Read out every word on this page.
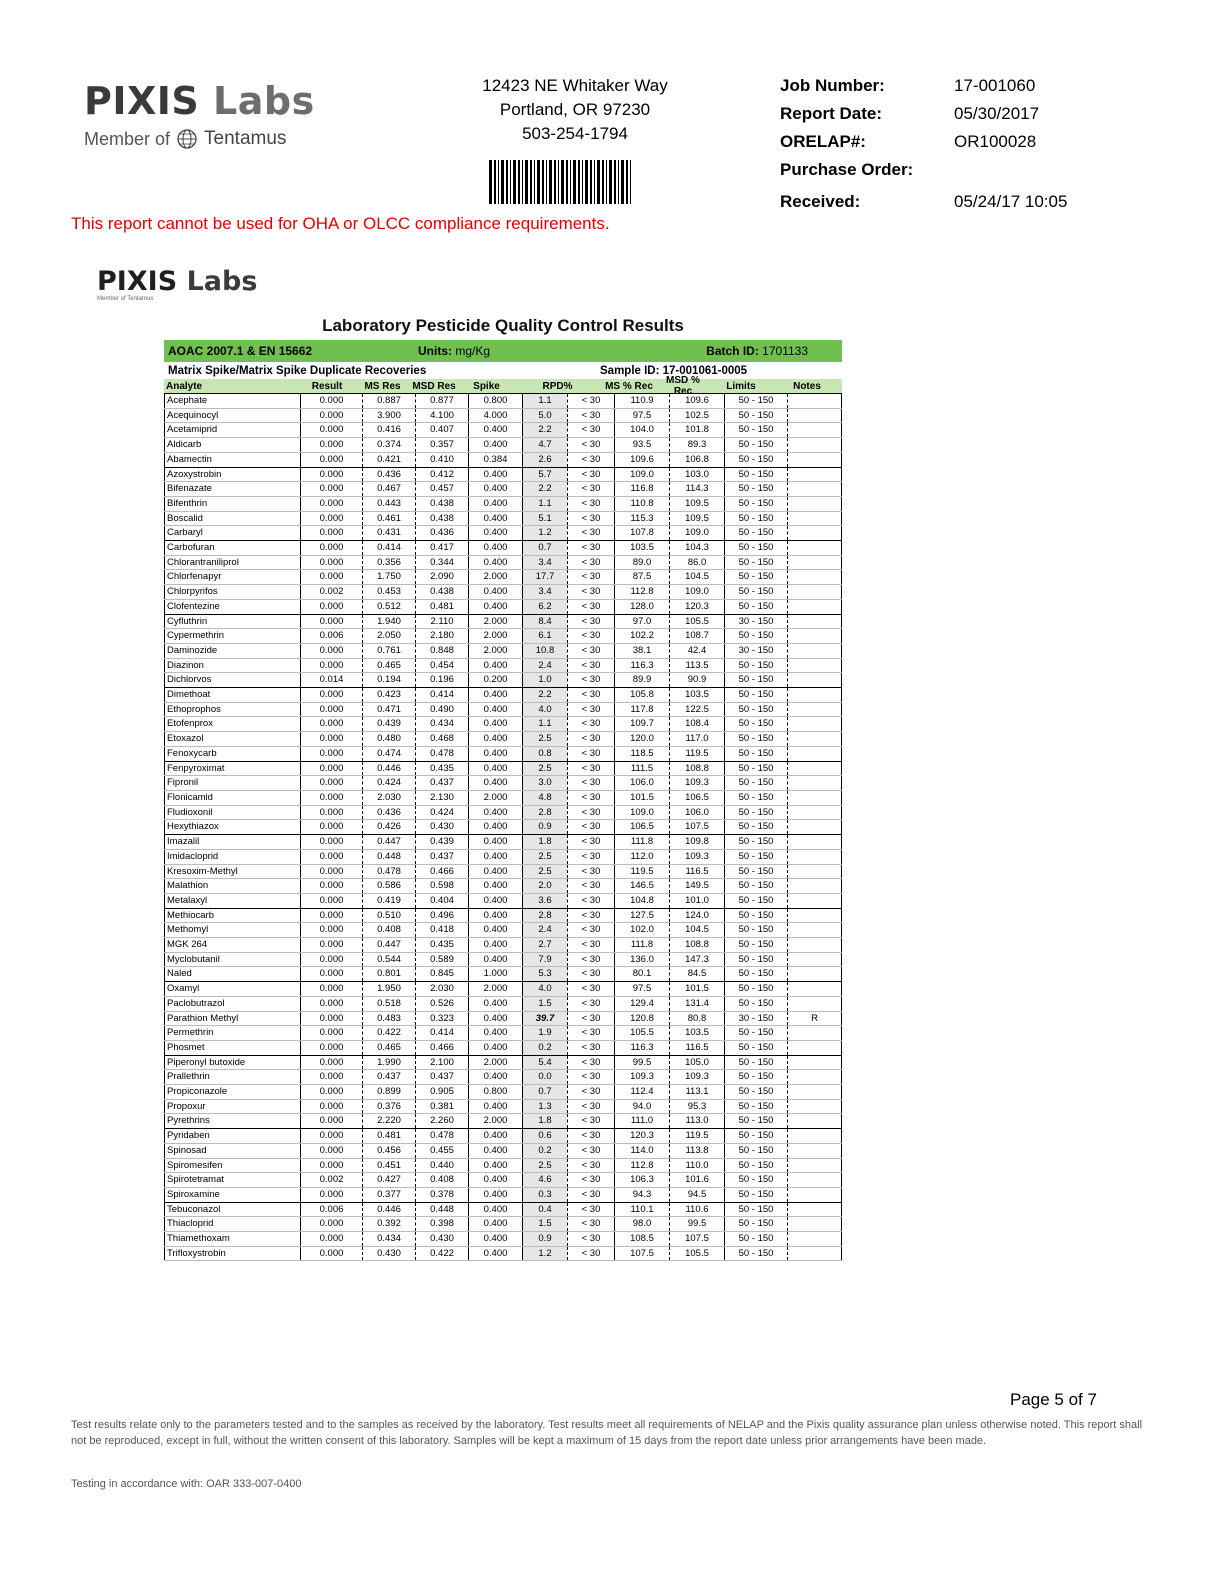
PIXIS Labs
Member of Tentamus
12423 NE Whitaker Way
Portland, OR 97230
503-254-1794
Job Number:	17-001060
Report Date:	05/30/2017
ORELAP#:	OR100028
Purchase Order:
Received:	05/24/17 10:05
This report cannot be used for OHA or OLCC compliance requirements.
PIXIS Labs
Member of Tentamus
Laboratory Pesticide Quality Control Results
AOAC 2007.1 & EN 15662	Units: mg/Kg	Batch ID: 1701133
Matrix Spike/Matrix Spike Duplicate Recoveries	Sample ID: 17-001061-0005
Analyte	Result	MS Res	MSD Res	Spike	RPD%	MS % Rec	MSD % Rec	Limits	Notes
Acephate	0.000	0.887	0.877	0.800	1.1	< 30	110.9	109.6	50 - 150	
Acequinocyl	0.000	3.900	4.100	4.000	5.0	< 30	97.5	102.5	50 - 150	
Acetamiprid	0.000	0.416	0.407	0.400	2.2	< 30	104.0	101.8	50 - 150	
Aldicarb	0.000	0.374	0.357	0.400	4.7	< 30	93.5	89.3	50 - 150	
Abamectin	0.000	0.421	0.410	0.384	2.6	< 30	109.6	106.8	50 - 150	
Azoxystrobin	0.000	0.436	0.412	0.400	5.7	< 30	109.0	103.0	50 - 150	
Bifenazate	0.000	0.467	0.457	0.400	2.2	< 30	116.8	114.3	50 - 150	
Bifenthrin	0.000	0.443	0.438	0.400	1.1	< 30	110.8	109.5	50 - 150	
Boscalid	0.000	0.461	0.438	0.400	5.1	< 30	115.3	109.5	50 - 150	
Carbaryl	0.000	0.431	0.436	0.400	1.2	< 30	107.8	109.0	50 - 150	
Carbofuran	0.000	0.414	0.417	0.400	0.7	< 30	103.5	104.3	50 - 150	
Chlorantraniliprol	0.000	0.356	0.344	0.400	3.4	< 30	89.0	86.0	50 - 150	
Chlorfenapyr	0.000	1.750	2.090	2.000	17.7	< 30	87.5	104.5	50 - 150	
Chlorpyrifos	0.002	0.453	0.438	0.400	3.4	< 30	112.8	109.0	50 - 150	
Clofentezine	0.000	0.512	0.481	0.400	6.2	< 30	128.0	120.3	50 - 150	
Cyfluthrin	0.000	1.940	2.110	2.000	8.4	< 30	97.0	105.5	30 - 150	
Cypermethrin	0.006	2.050	2.180	2.000	6.1	< 30	102.2	108.7	50 - 150	
Daminozide	0.000	0.761	0.848	2.000	10.8	< 30	38.1	42.4	30 - 150	
Diazinon	0.000	0.465	0.454	0.400	2.4	< 30	116.3	113.5	50 - 150	
Dichlorvos	0.014	0.194	0.196	0.200	1.0	< 30	89.9	90.9	50 - 150	
Dimethoat	0.000	0.423	0.414	0.400	2.2	< 30	105.8	103.5	50 - 150	
Ethoprophos	0.000	0.471	0.490	0.400	4.0	< 30	117.8	122.5	50 - 150	
Etofenprox	0.000	0.439	0.434	0.400	1.1	< 30	109.7	108.4	50 - 150	
Etoxazol	0.000	0.480	0.468	0.400	2.5	< 30	120.0	117.0	50 - 150	
Fenoxycarb	0.000	0.474	0.478	0.400	0.8	< 30	118.5	119.5	50 - 150	
Fenpyroximat	0.000	0.446	0.435	0.400	2.5	< 30	111.5	108.8	50 - 150	
Fipronil	0.000	0.424	0.437	0.400	3.0	< 30	106.0	109.3	50 - 150	
Flonicamid	0.000	2.030	2.130	2.000	4.8	< 30	101.5	106.5	50 - 150	
Fludioxonil	0.000	0.436	0.424	0.400	2.8	< 30	109.0	106.0	50 - 150	
Hexythiazox	0.000	0.426	0.430	0.400	0.9	< 30	106.5	107.5	50 - 150	
Imazalil	0.000	0.447	0.439	0.400	1.8	< 30	111.8	109.8	50 - 150	
Imidacloprid	0.000	0.448	0.437	0.400	2.5	< 30	112.0	109.3	50 - 150	
Kresoxim-Methyl	0.000	0.478	0.466	0.400	2.5	< 30	119.5	116.5	50 - 150	
Malathion	0.000	0.586	0.598	0.400	2.0	< 30	146.5	149.5	50 - 150	
Metalaxyl	0.000	0.419	0.404	0.400	3.6	< 30	104.8	101.0	50 - 150	
Methiocarb	0.000	0.510	0.496	0.400	2.8	< 30	127.5	124.0	50 - 150	
Methomyl	0.000	0.408	0.418	0.400	2.4	< 30	102.0	104.5	50 - 150	
MGK 264	0.000	0.447	0.435	0.400	2.7	< 30	111.8	108.8	50 - 150	
Myclobutanil	0.000	0.544	0.589	0.400	7.9	< 30	136.0	147.3	50 - 150	
Naled	0.000	0.801	0.845	1.000	5.3	< 30	80.1	84.5	50 - 150	
Oxamyl	0.000	1.950	2.030	2.000	4.0	< 30	97.5	101.5	50 - 150	
Paclobutrazol	0.000	0.518	0.526	0.400	1.5	< 30	129.4	131.4	50 - 150	
Parathion Methyl	0.000	0.483	0.323	0.400	39.7	< 30	120.8	80.8	30 - 150	R
Permethrin	0.000	0.422	0.414	0.400	1.9	< 30	105.5	103.5	50 - 150	
Phosmet	0.000	0.465	0.466	0.400	0.2	< 30	116.3	116.5	50 - 150	
Piperonyl butoxide	0.000	1.990	2.100	2.000	5.4	< 30	99.5	105.0	50 - 150	
Prallethrin	0.000	0.437	0.437	0.400	0.0	< 30	109.3	109.3	50 - 150	
Propiconazole	0.000	0.899	0.905	0.800	0.7	< 30	112.4	113.1	50 - 150	
Propoxur	0.000	0.376	0.381	0.400	1.3	< 30	94.0	95.3	50 - 150	
Pyrethrins	0.000	2.220	2.260	2.000	1.8	< 30	111.0	113.0	50 - 150	
Pyridaben	0.000	0.481	0.478	0.400	0.6	< 30	120.3	119.5	50 - 150	
Spinosad	0.000	0.456	0.455	0.400	0.2	< 30	114.0	113.8	50 - 150	
Spiromesifen	0.000	0.451	0.440	0.400	2.5	< 30	112.8	110.0	50 - 150	
Spirotetramat	0.002	0.427	0.408	0.400	4.6	< 30	106.3	101.6	50 - 150	
Spiroxamine	0.000	0.377	0.378	0.400	0.3	< 30	94.3	94.5	50 - 150	
Tebuconazol	0.006	0.446	0.448	0.400	0.4	< 30	110.1	110.6	50 - 150	
Thiacloprid	0.000	0.392	0.398	0.400	1.5	< 30	98.0	99.5	50 - 150	
Thiamethoxam	0.000	0.434	0.430	0.400	0.9	< 30	108.5	107.5	50 - 150	
Trifloxystrobin	0.000	0.430	0.422	0.400	1.2	< 30	107.5	105.5	50 - 150	
Page 5 of 7
Test results relate only to the parameters tested and to the samples as received by the laboratory. Test results meet all requirements of NELAP and the Pixis quality assurance plan unless otherwise noted. This report shall not be reproduced, except in full, without the written consent of this laboratory. Samples will be kept a maximum of 15 days from the report date unless prior arrangements have been made.
Testing in accordance with: OAR 333-007-0400
